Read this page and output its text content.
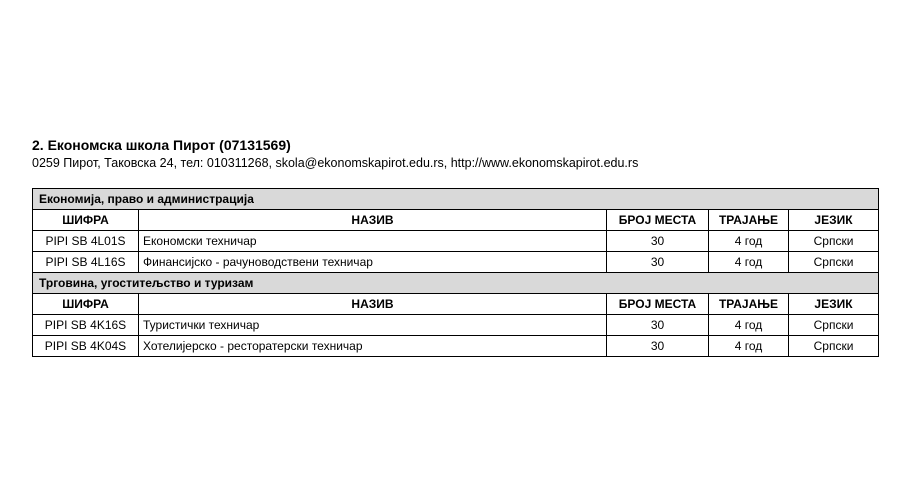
2. Економска школа Пирот (07131569)

0259 Пирот, Таковска 24, тел: 010311268, skola@ekonomskapirot.edu.rs, http://www.ekonomskapirot.edu.rs

Економија, право и администрација				
ШИФРА	НАЗИВ	БРОЈ МЕСТА	ТРАЈАЊЕ	ЈЕЗИК
PIPI SB 4L01S	Економски техничар	30	4 год	Српски
PIPI SB 4L16S	Финансијско - рачуноводствени техничар	30	4 год	Српски
Трговина, угоститељство и туризам				
ШИФРА	НАЗИВ	БРОЈ МЕСТА	ТРАЈАЊЕ	ЈЕЗИК
PIPI SB 4K16S	Туристички техничар	30	4 год	Српски
PIPI SB 4K04S	Хотелијерско - ресторатерски техничар	30	4 год	Српски
